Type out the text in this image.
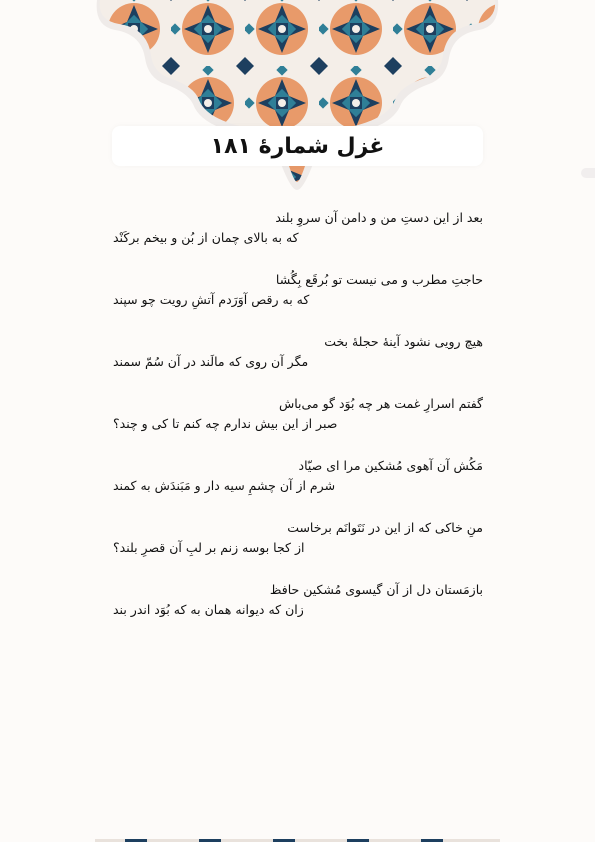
غزل شمارهٔ ۱۸۱
بعد از این دستِ من و دامن آن سروِ بلند
که به بالای چمان از بُن و بیخم برکَنْد
حاجتِ مطرب و می نیست تو بُرقَع بِگُشا
که به رقص آوَرَدم آتشِ رویت چو سپند
هیچ رویی نشود آینهٔ حجلهٔ بخت
مگر آن روی که مالَند در آن سُمّ سمند
گفتم اسرارِ غمت هر چه بُوَد گو می‌باش
صبر از این بیش ندارم چه کنم تا کی و چند؟
مَکُش آن آهوی مُشکین مرا ای صیّاد
شرم از آن چشمِ سیه دار و مَبَندَش به کمند
منِ خاکی که از این در نَتَوانَم برخاست
از کجا بوسه زنم بر لبِ آن قصرِ بلند؟
بازمَستان دل از آن گیسوی مُشکین حافظ
زان که دیوانه همان به که بُوَد اندر بند
